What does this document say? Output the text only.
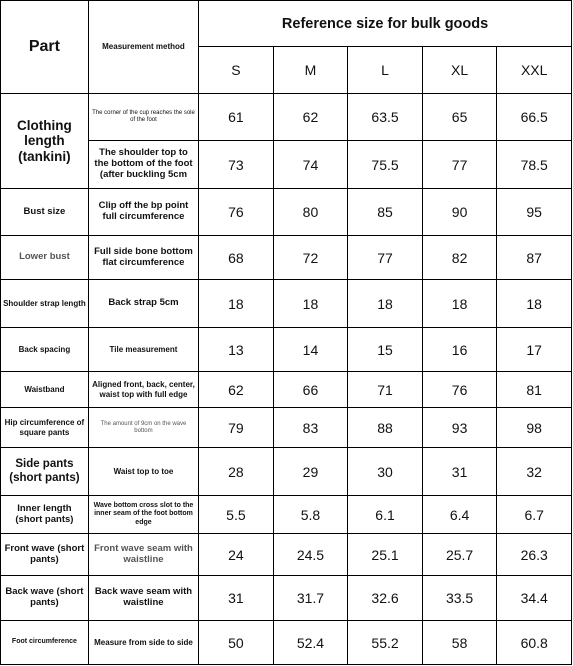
Part	Measurement method	Reference size for bulk goods				
		S	M	L	XL	XXL
Clothing length (tankini)	The corner of the cup reaches the sole of the foot	61	62	63.5	65	66.5
	The shoulder top to the bottom of the foot (after buckling 5cm	73	74	75.5	77	78.5
Bust size	Clip off the bp point full circumference	76	80	85	90	95
Lower bust	Full side bone bottom flat circumference	68	72	77	82	87
Shoulder strap length	Back strap 5cm	18	18	18	18	18
Back spacing	Tile measurement	13	14	15	16	17
Waistband	Aligned front, back, center, waist top with full edge	62	66	71	76	81
Hip circumference of square pants	The amount of 9cm on the wave bottom	79	83	88	93	98
Side pants (short pants)	Waist top to toe	28	29	30	31	32
Inner length (short pants)	Wave bottom cross slot to the inner seam of the foot bottom edge	5.5	5.8	6.1	6.4	6.7
Front wave (short pants)	Front wave seam with waistline	24	24.5	25.1	25.7	26.3
Back wave (short pants)	Back wave seam with waistline	31	31.7	32.6	33.5	34.4
Foot circumference	Measure from side to side	50	52.4	55.2	58	60.8
